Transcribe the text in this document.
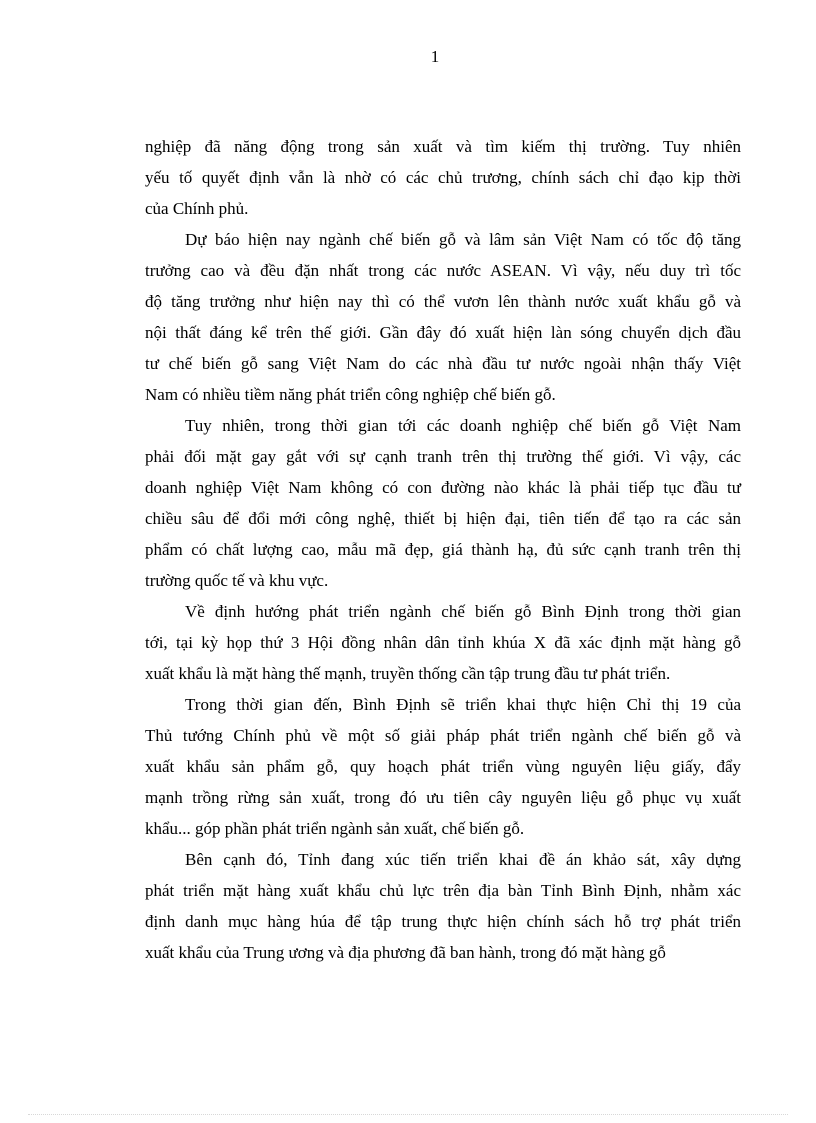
1
nghiệp đã năng động trong sản xuất và tìm kiếm thị trường. Tuy nhiên
yếu tố quyết định vẫn là nhờ có các chủ trương, chính sách chỉ đạo kịp thời
của Chính phủ.
Dự báo hiện nay ngành chế biến gỗ và lâm sản Việt Nam có tốc độ tăng
trưởng cao và đều đặn nhất trong các nước ASEAN. Vì vậy, nếu duy trì tốc
độ tăng trưởng như hiện nay thì có thể vươn lên thành nước xuất khẩu gỗ và
nội thất đáng kể trên thế giới. Gần đây đó xuất hiện làn sóng chuyển dịch đầu
tư chế biến gỗ sang Việt Nam do các nhà đầu tư nước ngoài nhận thấy Việt
Nam có nhiều tiềm năng phát triển công nghiệp chế biến gỗ.
Tuy nhiên, trong thời gian tới các doanh nghiệp chế biến gỗ Việt Nam
phải đối mặt gay gắt với sự cạnh tranh trên thị trường thế giới. Vì vậy, các
doanh nghiệp Việt Nam không có con đường nào khác là phải tiếp tục đầu tư
chiều sâu để đổi mới công nghệ, thiết bị hiện đại, tiên tiến để tạo ra các sản
phẩm có chất lượng cao, mẫu mã đẹp, giá thành hạ, đủ sức cạnh tranh trên thị
trường quốc tế và khu vực.
Về định hướng phát triển ngành chế biến gỗ Bình Định trong thời gian
tới, tại kỳ họp thứ 3 Hội đồng nhân dân tỉnh khúa X đã xác định mặt hàng gỗ
xuất khẩu là mặt hàng thế mạnh, truyền thống cần tập trung đầu tư phát triển.
Trong thời gian đến, Bình Định sẽ triển khai thực hiện Chỉ thị 19 của
Thủ tướng Chính phủ về một số giải pháp phát triển ngành chế biến gỗ và
xuất khẩu sản phẩm gỗ, quy hoạch phát triển vùng nguyên liệu giấy, đẩy
mạnh trồng rừng sản xuất, trong đó ưu tiên cây nguyên liệu gỗ phục vụ xuất
khẩu... góp phần phát triển ngành sản xuất, chế biến gỗ.
Bên cạnh đó, Tỉnh đang xúc tiến triển khai đề án khảo sát, xây dựng
phát triển mặt hàng xuất khẩu chủ lực trên địa bàn Tỉnh Bình Định, nhằm xác
định danh mục hàng húa để tập trung thực hiện chính sách hỗ trợ phát triển
xuất khẩu của Trung ương và địa phương đã ban hành, trong đó mặt hàng gỗ
